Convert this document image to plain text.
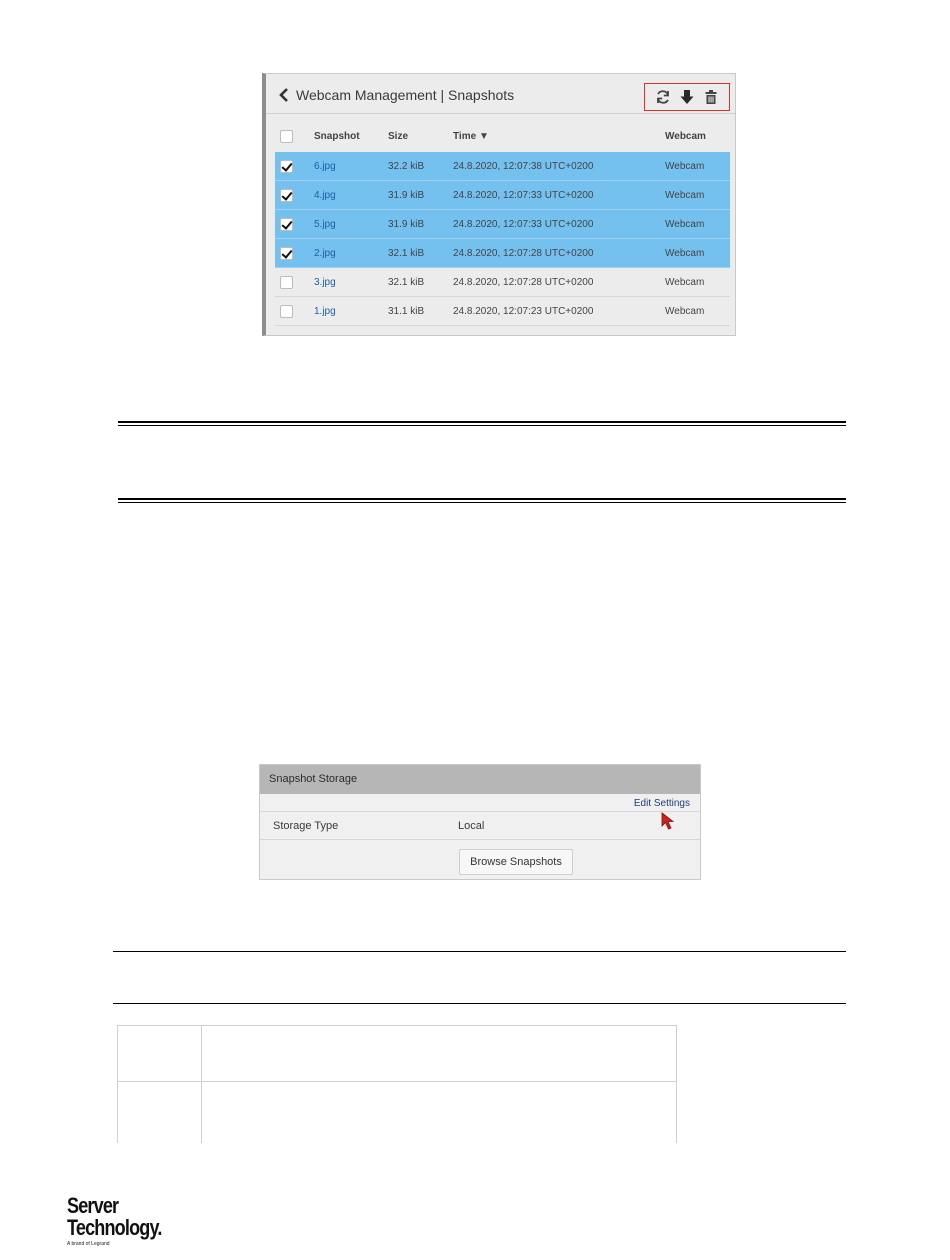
Webcam Management | Snapshots
Snapshot	Size	Time ▼	Webcam
6.jpg	32.2 kiB	24.8.2020, 12:07:38 UTC+0200	Webcam
4.jpg	31.9 kiB	24.8.2020, 12:07:33 UTC+0200	Webcam
5.jpg	31.9 kiB	24.8.2020, 12:07:33 UTC+0200	Webcam
2.jpg	32.1 kiB	24.8.2020, 12:07:28 UTC+0200	Webcam
3.jpg	32.1 kiB	24.8.2020, 12:07:28 UTC+0200	Webcam
1.jpg	31.1 kiB	24.8.2020, 12:07:23 UTC+0200	Webcam
Snapshot Storage
Edit Settings
Storage Type	Local
Browse Snapshots
Server
Technology.
A brand of Legrand
